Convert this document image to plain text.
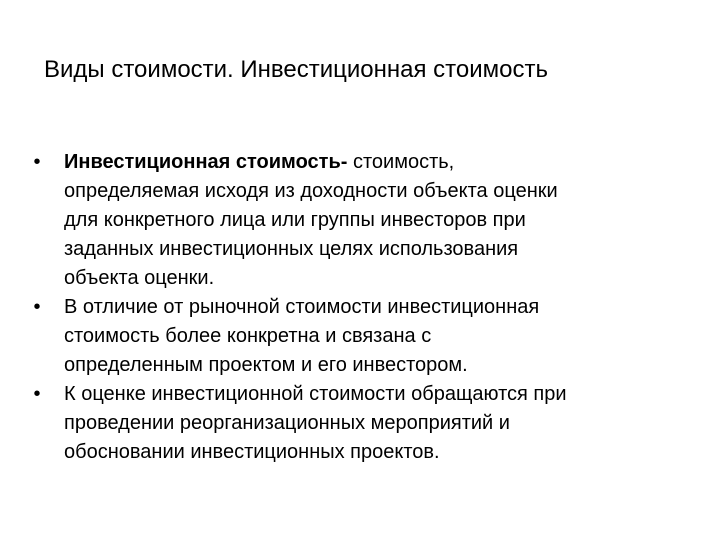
Виды стоимости. Инвестиционная стоимость
• Инвестиционная стоимость- стоимость,
определяемая исходя из доходности объекта оценки
для конкретного лица или группы инвесторов при
заданных инвестиционных целях использования
объекта оценки.
• В отличие от рыночной стоимости инвестиционная
стоимость более конкретна и связана с
определенным проектом и его инвестором.
• К оценке инвестиционной стоимости обращаются при
проведении реорганизационных мероприятий и
обосновании инвестиционных проектов.
